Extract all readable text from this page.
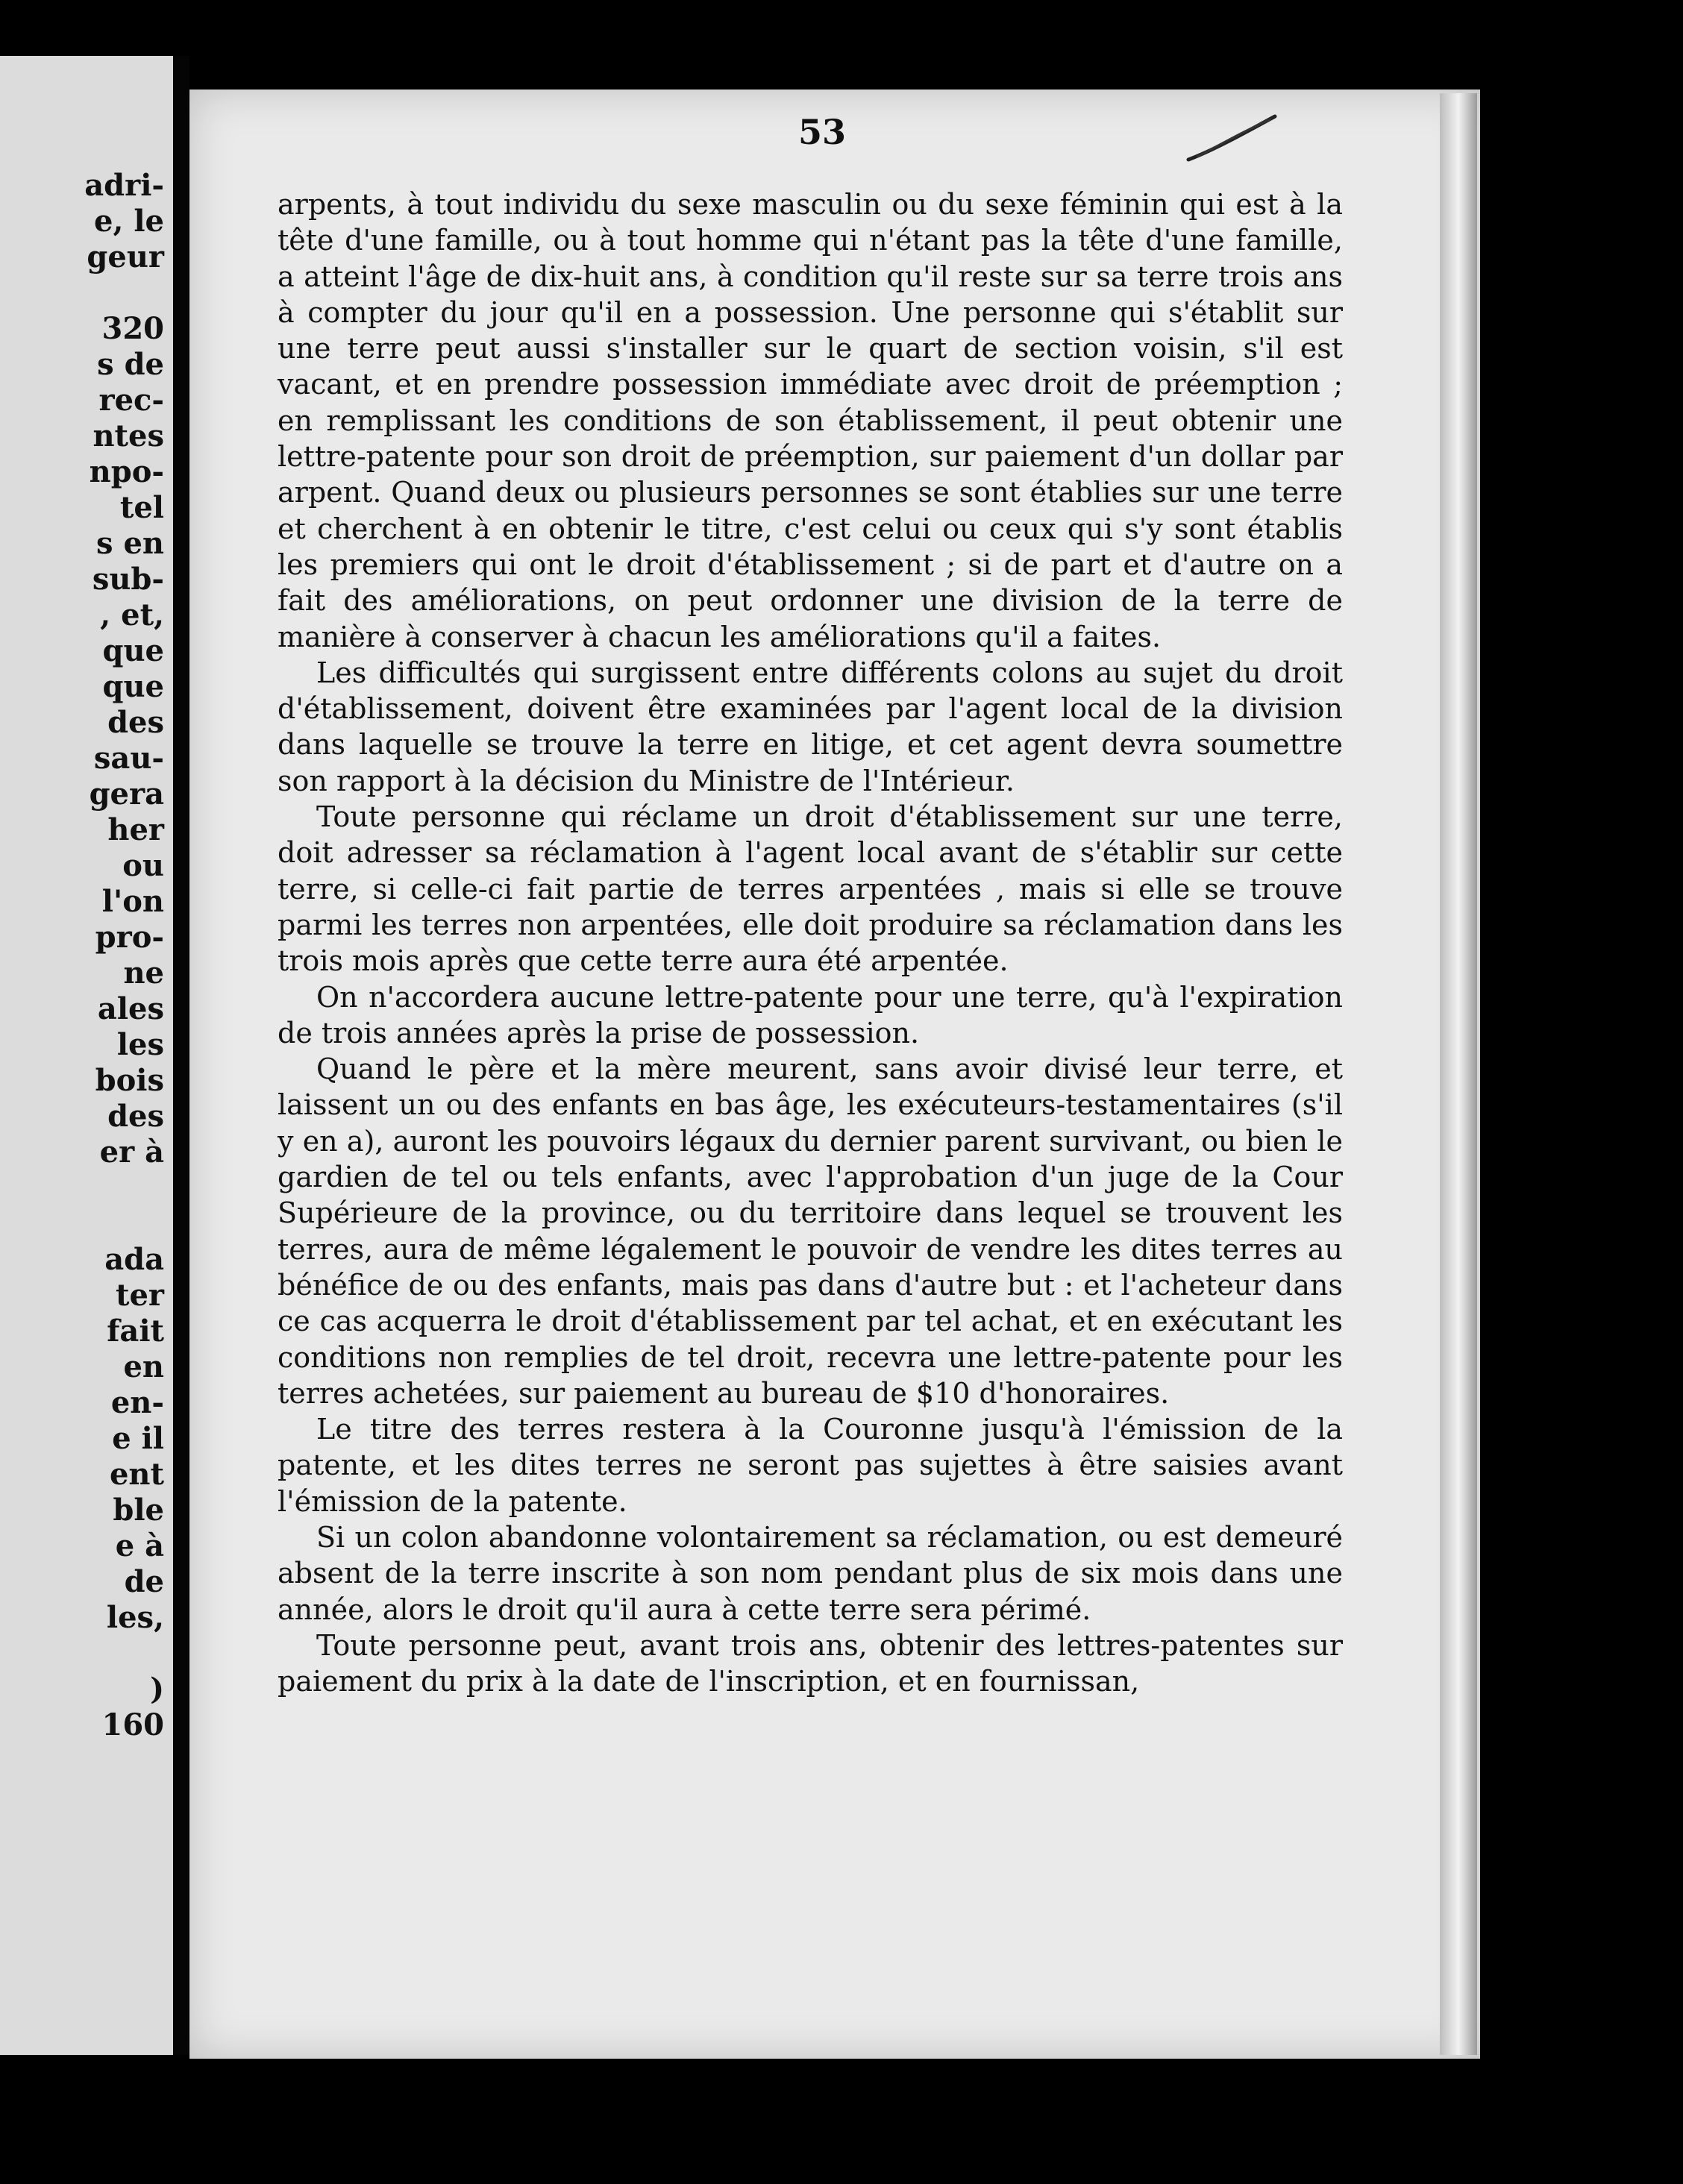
adri-
e, le
geur

320
s de
rec-
ntes
npo-
tel
s en
sub-
, et,
que
que
des
sau-
gera
her
ou
l'on
pro-
ne
ales
les
bois
des
er à

ada
ter
fait
en
en-
e il
ent
ble
e à
de
les,

)
160
53

arpents, à tout individu du sexe masculin ou du sexe féminin qui est à la tête d'une famille, ou à tout homme qui n'étant pas la tête d'une famille, a atteint l'âge de dix-huit ans, à condition qu'il reste sur sa terre trois ans à compter du jour qu'il en a possession. Une personne qui s'établit sur une terre peut aussi s'installer sur le quart de section voisin, s'il est vacant, et en prendre possession immédiate avec droit de préemption ; en remplissant les conditions de son établissement, il peut obtenir une lettre-patente pour son droit de préemption, sur paiement d'un dollar par arpent. Quand deux ou plusieurs personnes se sont établies sur une terre et cherchent à en obtenir le titre, c'est celui ou ceux qui s'y sont établis les premiers qui ont le droit d'établissement ; si de part et d'autre on a fait des améliorations, on peut ordonner une division de la terre de manière à conserver à chacun les améliorations qu'il a faites.

Les difficultés qui surgissent entre différents colons au sujet du droit d'établissement, doivent être examinées par l'agent local de la division dans laquelle se trouve la terre en litige, et cet agent devra soumettre son rapport à la décision du Ministre de l'Intérieur.

Toute personne qui réclame un droit d'établissement sur une terre, doit adresser sa réclamation à l'agent local avant de s'établir sur cette terre, si celle-ci fait partie de terres arpentées , mais si elle se trouve parmi les terres non arpentées, elle doit produire sa réclamation dans les trois mois après que cette terre aura été arpentée.

On n'accordera aucune lettre-patente pour une terre, qu'à l'expiration de trois années après la prise de possession.

Quand le père et la mère meurent, sans avoir divisé leur terre, et laissent un ou des enfants en bas âge, les exécuteurs-testamentaires (s'il y en a), auront les pouvoirs légaux du dernier parent survivant, ou bien le gardien de tel ou tels enfants, avec l'approbation d'un juge de la Cour Supérieure de la province, ou du territoire dans lequel se trouvent les terres, aura de même légalement le pouvoir de vendre les dites terres au bénéfice de ou des enfants, mais pas dans d'autre but : et l'acheteur dans ce cas acquerra le droit d'établissement par tel achat, et en exécutant les conditions non remplies de tel droit, recevra une lettre-patente pour les terres achetées, sur paiement au bureau de $10 d'honoraires.

Le titre des terres restera à la Couronne jusqu'à l'émission de la patente, et les dites terres ne seront pas sujettes à être saisies avant l'émission de la patente.

Si un colon abandonne volontairement sa réclamation, ou est demeuré absent de la terre inscrite à son nom pendant plus de six mois dans une année, alors le droit qu'il aura à cette terre sera périmé.

Toute personne peut, avant trois ans, obtenir des lettres-patentes sur paiement du prix à la date de l'inscription, et en fournissan,
